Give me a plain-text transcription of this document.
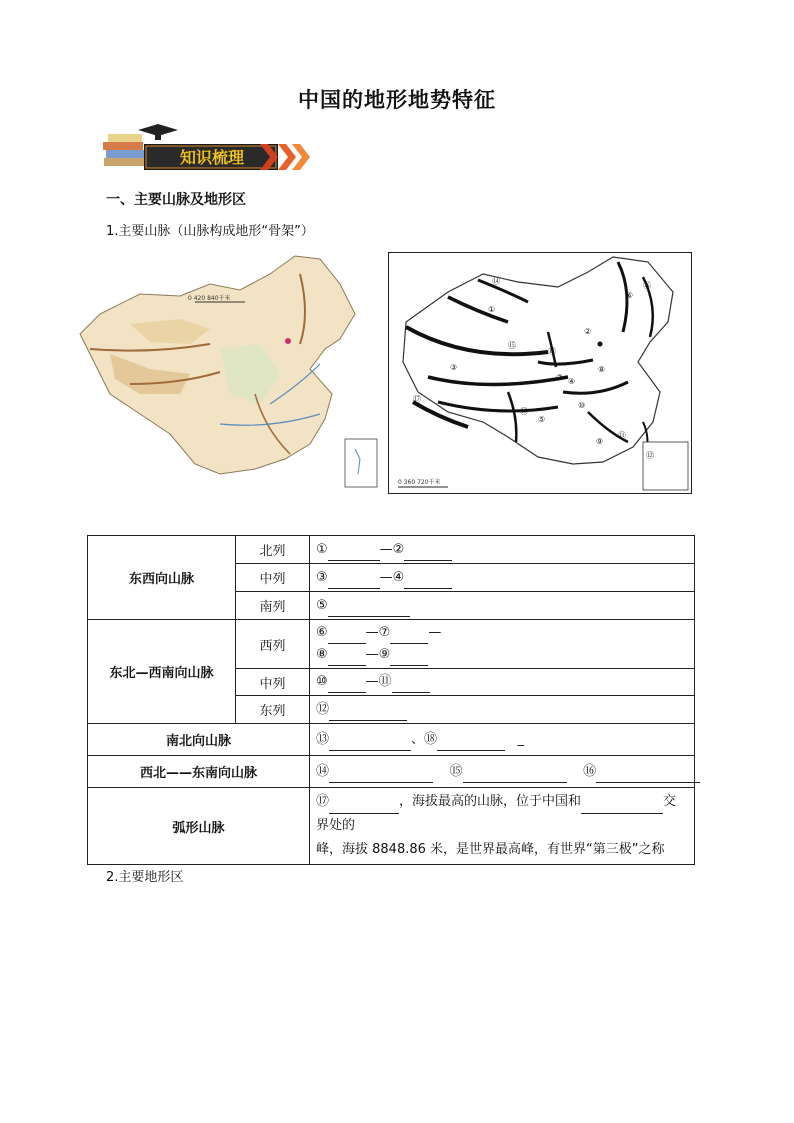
中国的地形地势特征
知识梳理
一、主要山脉及地形区
1.主要山脉（山脉构成地形“骨架”）
0 420 840千米
0 360 720千米
①
②
③
④
⑤
⑥
⑦
⑧
⑨
⑩
⑪
⑫
⑬
⑭
⑮
⑯
⑰
⑱
东西向山脉	北列	① —②
	中列	③ —④
	南列	⑤
东北—西南向山脉	西列	⑥ —⑦ —
⑧ —⑨

	中列	⑩ —⑪
	东列	⑫
南北向山脉		⑬ 、⑱ _
西北——东南向山脉		⑭ ⑮ ⑯
弧形山脉		⑰ ，海拔最高的山脉，位于中国和 交界处的
峰，海拔 8848.86 米，是世界最高峰，有世界“第三极”之称
2.主要地形区
